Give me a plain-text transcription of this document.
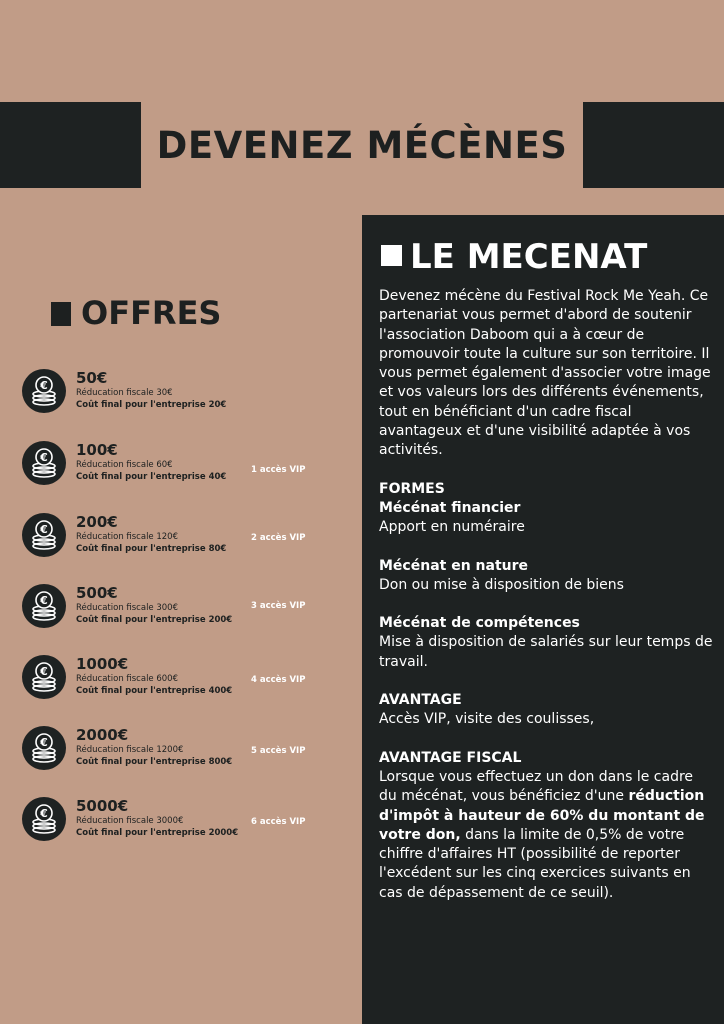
DEVENEZ MÉCÈNES
OFFRES
€ 50€
Réducation fiscale 30€
Coût final pour l'entreprise 20€
€ 100€
Réducation fiscale 60€
Coût final pour l'entreprise 40€
1 accès VIP
€ 200€
Réducation fiscale 120€
Coût final pour l'entreprise 80€
2 accès VIP
€ 500€
Réducation fiscale 300€
Coût final pour l'entreprise 200€
3 accès VIP
€ 1000€
Réducation fiscale 600€
Coût final pour l'entreprise 400€
4 accès VIP
€ 2000€
Réducation fiscale 1200€
Coût final pour l'entreprise 800€
5 accès VIP
€ 5000€
Réducation fiscale 3000€
Coût final pour l'entreprise 2000€
6 accès VIP
LE MECENAT

Devenez mécène du Festival Rock Me Yeah. Ce partenariat vous permet d'abord de soutenir l'association Daboom qui a à cœur de promouvoir toute la culture sur son territoire. Il vous permet également d'associer votre image et vos valeurs lors des différents événements, tout en bénéficiant d'un cadre fiscal avantageux et d'une visibilité adaptée à vos activités.

FORMES

Mécénat financier

Apport en numéraire

Mécénat en nature

Don ou mise à disposition de biens

Mécénat de compétences

Mise à disposition de salariés sur leur temps de travail.

AVANTAGE

Accès VIP, visite des coulisses,

AVANTAGE FISCAL

Lorsque vous effectuez un don dans le cadre du mécénat, vous bénéficiez d'une réduction d'impôt à hauteur de 60% du montant de votre don, dans la limite de 0,5% de votre chiffre d'affaires HT (possibilité de reporter l'excédent sur les cinq exercices suivants en cas de dépassement de ce seuil).
